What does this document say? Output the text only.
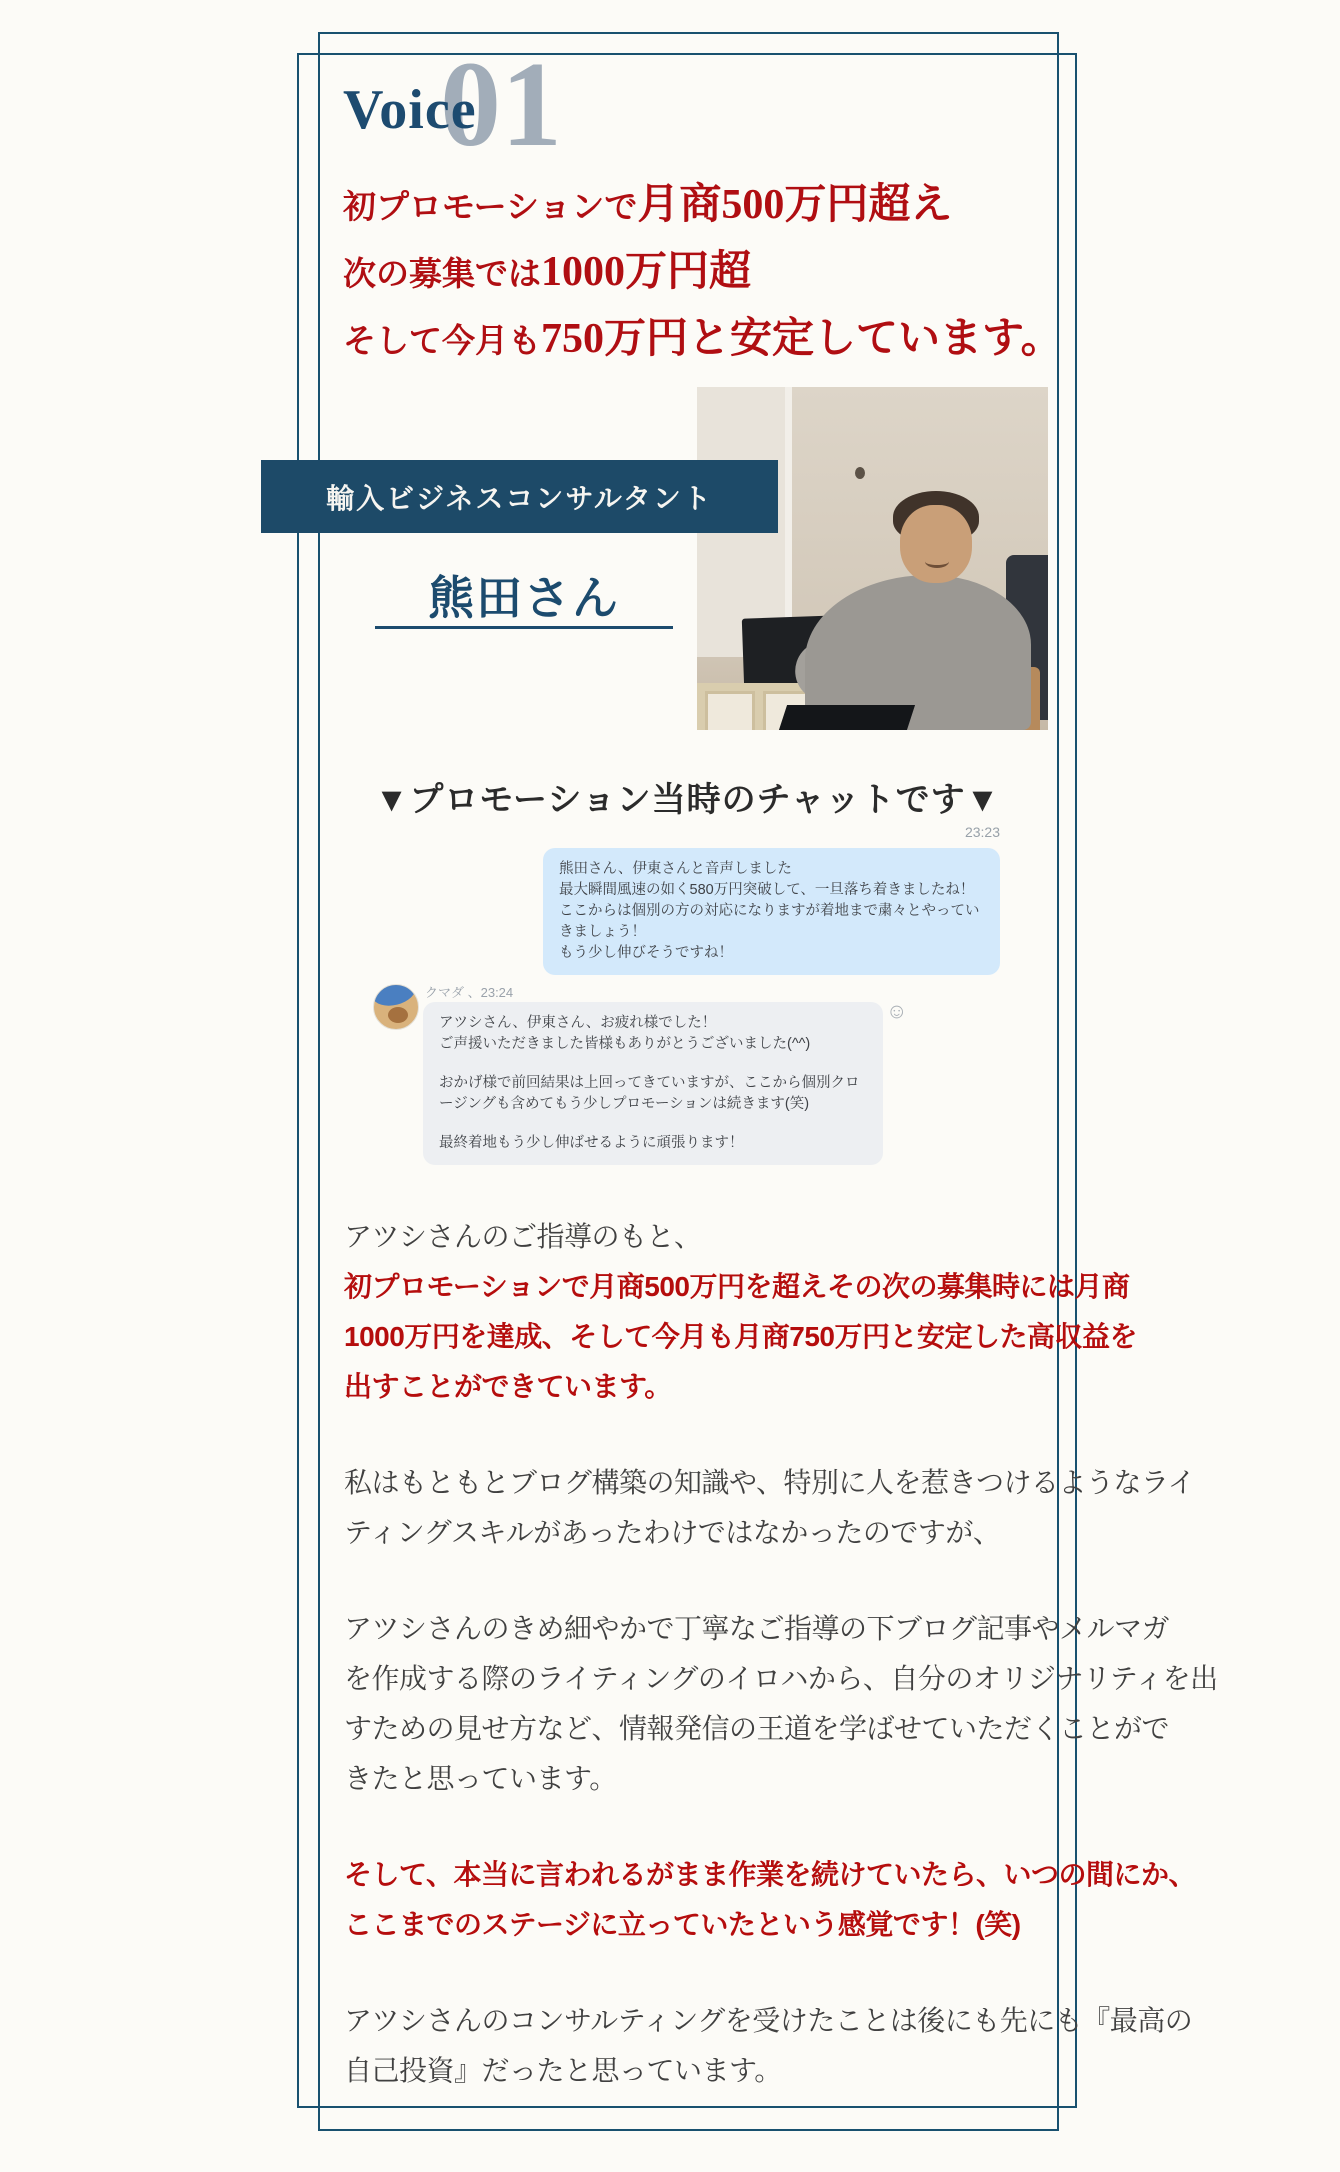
01
Voice
初プロモーションで月商500万円超え
次の募集では1000万円超
そして今月も750万円と安定しています。
輸入ビジネスコンサルタント
熊田さん
▼プロモーション当時のチャットです▼
23:23
熊田さん、伊東さんと音声しました
最大瞬間風速の如く580万円突破して、一旦落ち着きましたね！
ここからは個別の方の対応になりますが着地まで粛々とやっていきましょう！
もう少し伸びそうですね！
クマダ 、23:24
アツシさん、伊東さん、お疲れ様でした！
ご声援いただきました皆様もありがとうございました(^^)
おかげ様で前回結果は上回ってきていますが、ここから個別クロージングも含めてもう少しプロモーションは続きます(笑)
最終着地もう少し伸ばせるように頑張ります！
☺
アツシさんのご指導のもと、
初プロモーションで月商500万円を超えその次の募集時には月商
1000万円を達成、そして今月も月商750万円と安定した高収益を
出すことができています。
私はもともとブログ構築の知識や、特別に人を惹きつけるようなライ
ティングスキルがあったわけではなかったのですが、
アツシさんのきめ細やかで丁寧なご指導の下ブログ記事やメルマガ
を作成する際のライティングのイロハから、自分のオリジナリティを出
すための見せ方など、情報発信の王道を学ばせていただくことがで
きたと思っています。
そして、本当に言われるがまま作業を続けていたら、いつの間にか、
ここまでのステージに立っていたという感覚です！(笑)
アツシさんのコンサルティングを受けたことは後にも先にも『最高の
自己投資』だったと思っています。
